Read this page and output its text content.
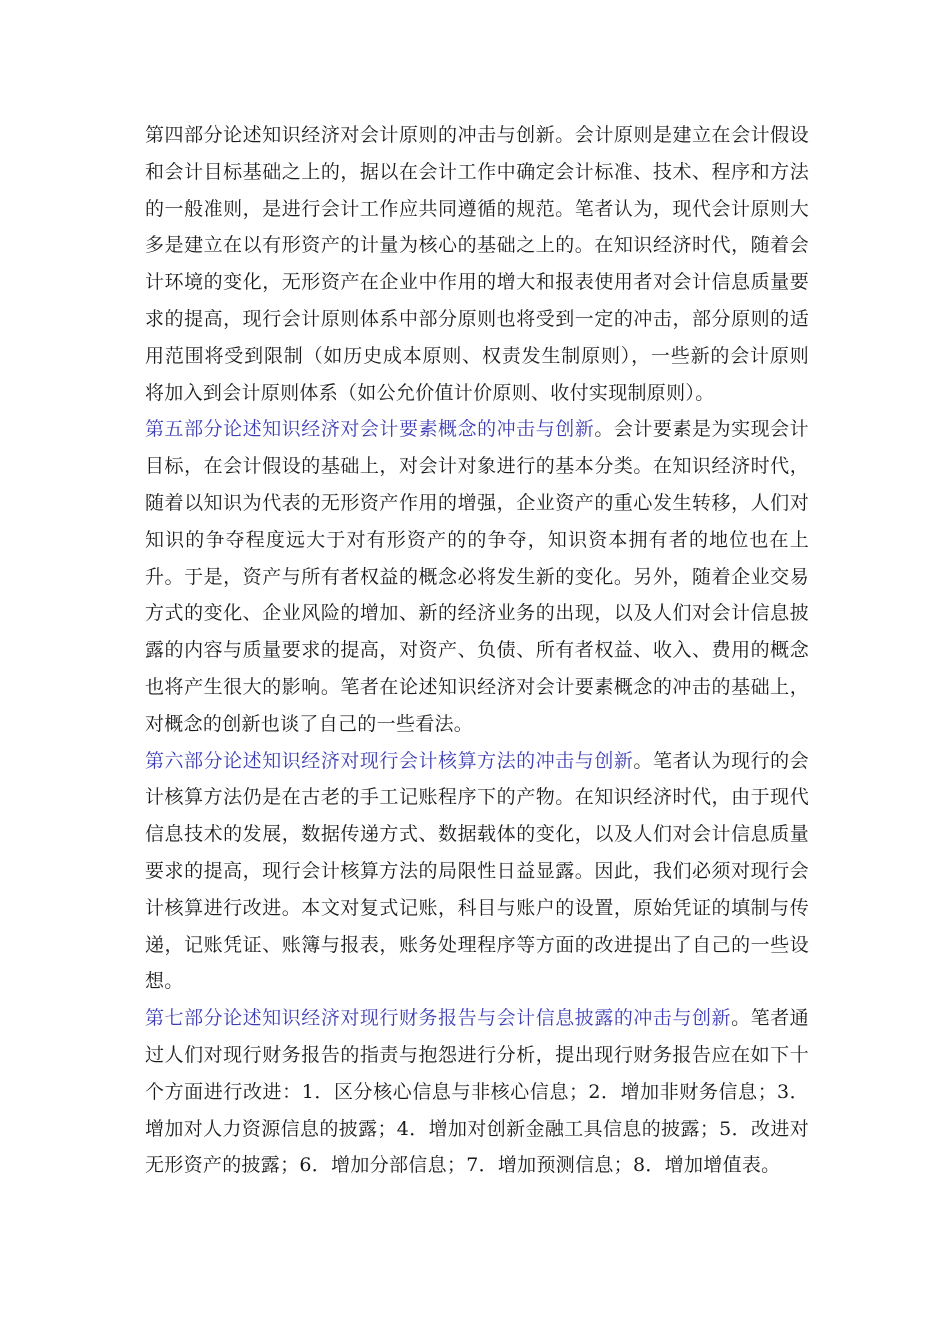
第四部分论述知识经济对会计原则的冲击与创新。会计原则是建立在会计假设和会计目标基础之上的，据以在会计工作中确定会计标准、技术、程序和方法的一般准则，是进行会计工作应共同遵循的规范。笔者认为，现代会计原则大多是建立在以有形资产的计量为核心的基础之上的。在知识经济时代，随着会计环境的变化，无形资产在企业中作用的增大和报表使用者对会计信息质量要求的提高，现行会计原则体系中部分原则也将受到一定的冲击，部分原则的适用范围将受到限制（如历史成本原则、权责发生制原则），一些新的会计原则将加入到会计原则体系（如公允价值计价原则、收付实现制原则）。

第五部分论述知识经济对会计要素概念的冲击与创新。会计要素是为实现会计目标，在会计假设的基础上，对会计对象进行的基本分类。在知识经济时代，随着以知识为代表的无形资产作用的增强，企业资产的重心发生转移，人们对知识的争夺程度远大于对有形资产的的争夺，知识资本拥有者的地位也在上升。于是，资产与所有者权益的概念必将发生新的变化。另外，随着企业交易方式的变化、企业风险的增加、新的经济业务的出现，以及人们对会计信息披露的内容与质量要求的提高，对资产、负债、所有者权益、收入、费用的概念也将产生很大的影响。笔者在论述知识经济对会计要素概念的冲击的基础上，对概念的创新也谈了自己的一些看法。

第六部分论述知识经济对现行会计核算方法的冲击与创新。笔者认为现行的会计核算方法仍是在古老的手工记账程序下的产物。在知识经济时代，由于现代信息技术的发展，数据传递方式、数据载体的变化，以及人们对会计信息质量要求的提高，现行会计核算方法的局限性日益显露。因此，我们必须对现行会计核算进行改进。本文对复式记账，科目与账户的设置，原始凭证的填制与传递，记账凭证、账簿与报表，账务处理程序等方面的改进提出了自己的一些设想。

第七部分论述知识经济对现行财务报告与会计信息披露的冲击与创新。笔者通过人们对现行财务报告的指责与抱怨进行分析，提出现行财务报告应在如下十个方面进行改进：1．区分核心信息与非核心信息；2．增加非财务信息；3．增加对人力资源信息的披露；4．增加对创新金融工具信息的披露；5．改进对无形资产的披露；6．增加分部信息；7．增加预测信息；8．增加增值表。
